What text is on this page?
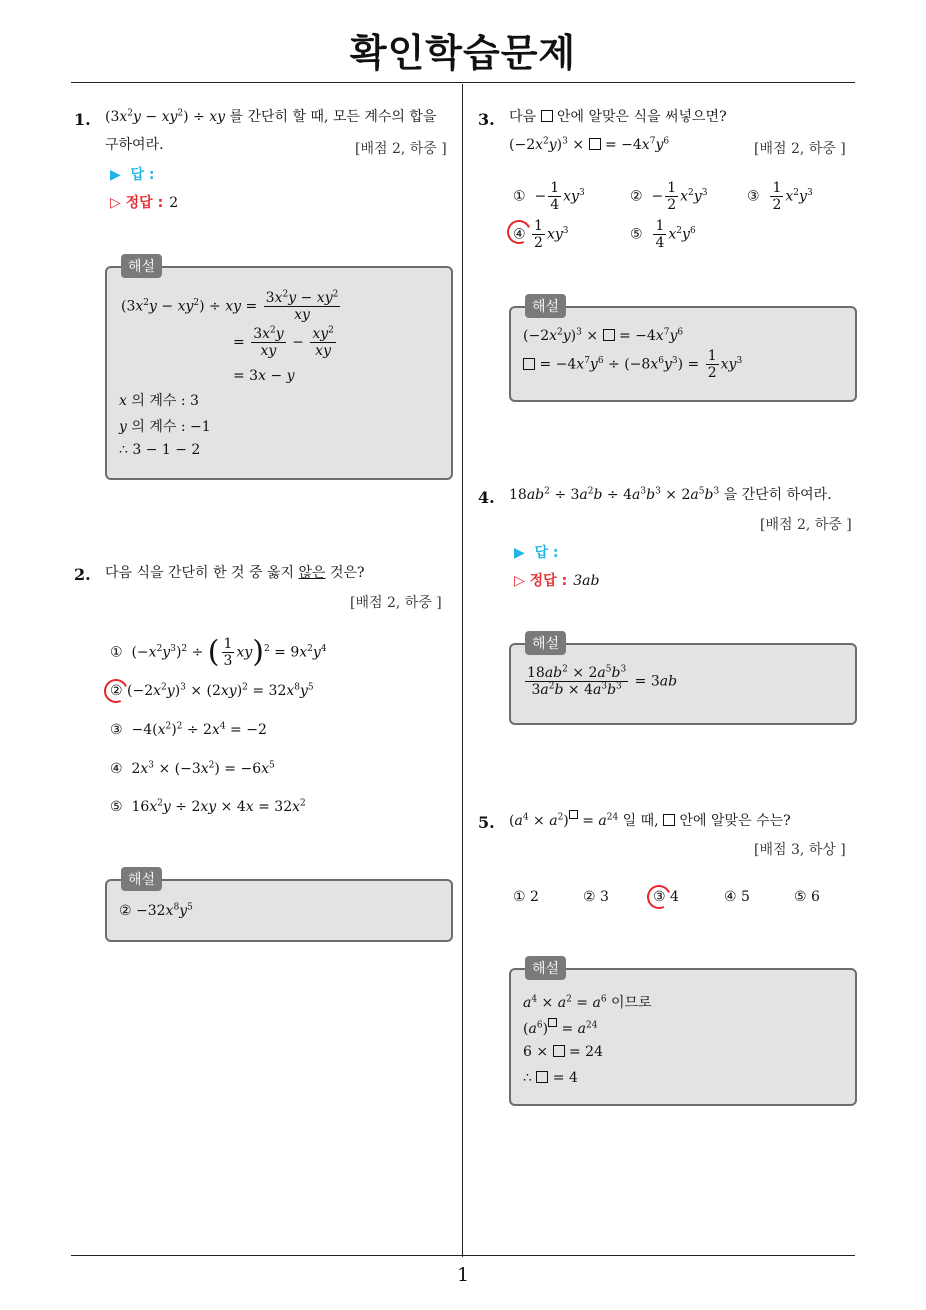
확인학습문제
1
1. $(3x^2y - xy^2)$ ÷ xy 를 간단히 할 때, 모든 계수의 합을
구하여라.	[배점 2, 하중 ]
▶ 답 :
▷ 정답 : 2
해설
$(3x^2y - xy^2)$ ÷ xy = $\frac{3x^2y - xy^2}{xy}$
= $\frac{3x^2y}{xy} - \frac{xy^2}{xy}$
= 3x − y
x 의 계수 : 3
y 의 계수 : −1
∴ 3 − 1 − 2
2. 다음 식을 간단히 한 것 중 옳지 않은 것은?
[배점 2, 하중 ]
①  $(-x^2y^3)^2$ ÷ ( $\frac{1}{3} xy)^2 = 9x^2y^4$
② $(-2x^2y)^3 \times (2xy)^2 = 32x^8y^5$
③  $-4(x^2)^2 \div 2x^4 = -2$
④  $2x^3 \times (-3x^2) = -6x^5$
⑤  $16x^2y \div 2xy \times 4x = 32x^2$
해설
② $-32x^8y^5$
3. 다음 안에 알맞은 식을 써넣으면?
$(-2x^2y)^3$ ×  = $-4x^7y^6$	[배점 2, 하중 ]
①  − $\frac{1}{4} xy^3$	②  − $\frac{1}{2} x^2y^3$	③ $\frac{1}{2} x^2y^3$
④ $\frac{1}{2} xy^3$	⑤ $\frac{1}{4} x^2y^6$
해설
$(-2x^2y)^3$ ×  = $-4x^7y^6$
= $-4x^7y^6 \div (-8x^6y^3) = \frac{1}{2} xy^3$
4. $18ab^2 \div 3a^2b \div 4a^3b^3 \times 2a^5b^3$ 을 간단히 하여라.
[배점 2, 하중 ]
▶ 답 :
▷ 정답 : 3ab
해설
$\frac{18ab^2 \times 2a^5b^3}{3a^2b \times 4a^3b^3} = 3ab$
5. $(a^4 \times a^2) = a^{24}$ 일 때, 안에 알맞은 수는?
[배점 3, 하상 ]
① 2	② 3	③ 4	④ 5	⑤ 6
해설
$a^4 \times a^2 = a^6$ 이므로
$(a^6) = a^{24}$
6 ×  = 24
∴  = 4
